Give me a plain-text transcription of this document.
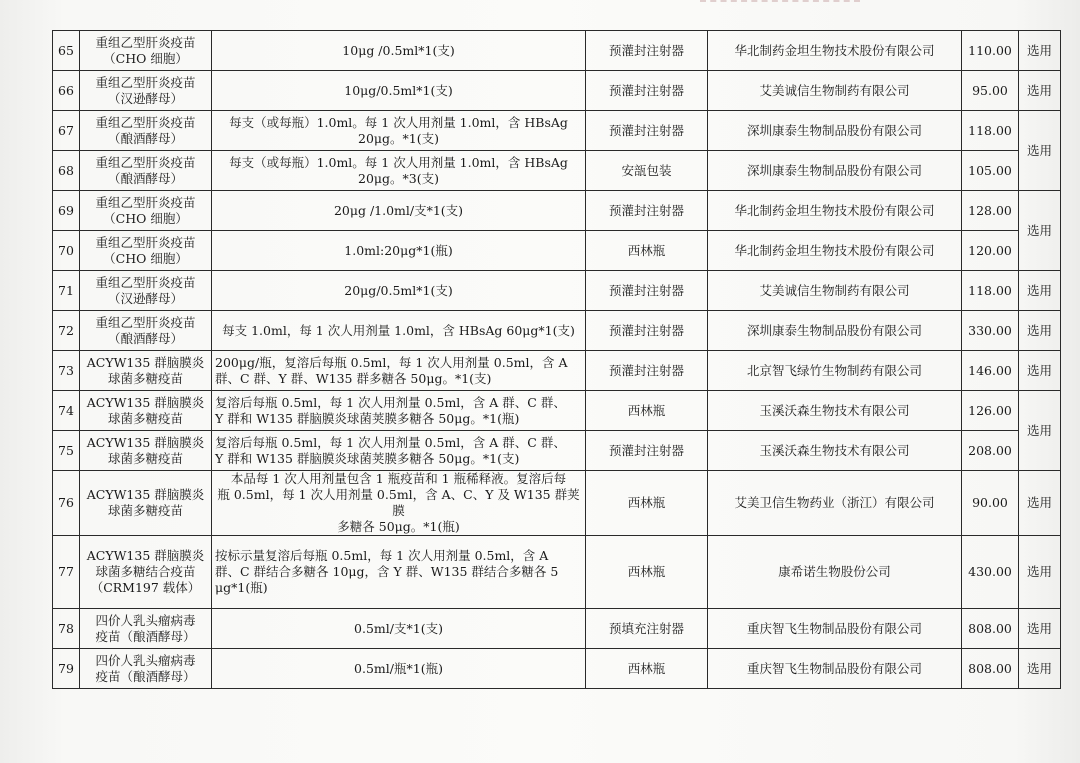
65	重组乙型肝炎疫苗
（CHO 细胞）	10μg /0.5ml*1(支)	预灌封注射器	华北制药金坦生物技术股份有限公司	110.00	选用
66	重组乙型肝炎疫苗
（汉逊酵母）	10μg/0.5ml*1(支)	预灌封注射器	艾美诚信生物制药有限公司	95.00	选用
67	重组乙型肝炎疫苗
（酿酒酵母）	每支（或每瓶）1.0ml。每 1 次人用剂量 1.0ml，含 HBsAg
20μg。*1(支)	预灌封注射器	深圳康泰生物制品股份有限公司	118.00	选用
68	重组乙型肝炎疫苗
（酿酒酵母）	每支（或每瓶）1.0ml。每 1 次人用剂量 1.0ml，含 HBsAg
20μg。*3(支)	安瓿包装	深圳康泰生物制品股份有限公司	105.00	
69	重组乙型肝炎疫苗
（CHO 细胞）	20μg /1.0ml/支*1(支)	预灌封注射器	华北制药金坦生物技术股份有限公司	128.00	选用
70	重组乙型肝炎疫苗
（CHO 细胞）	1.0ml:20μg*1(瓶)	西林瓶	华北制药金坦生物技术股份有限公司	120.00	
71	重组乙型肝炎疫苗
（汉逊酵母）	20μg/0.5ml*1(支)	预灌封注射器	艾美诚信生物制药有限公司	118.00	选用
72	重组乙型肝炎疫苗
（酿酒酵母）	每支 1.0ml，每 1 次人用剂量 1.0ml，含 HBsAg 60μg*1(支)	预灌封注射器	深圳康泰生物制品股份有限公司	330.00	选用
73	ACYW135 群脑膜炎
球菌多糖疫苗	200μg/瓶，复溶后每瓶 0.5ml，每 1 次人用剂量 0.5ml，含 A
群、C 群、Y 群、W135 群多糖各 50μg。*1(支)	预灌封注射器	北京智飞绿竹生物制药有限公司	146.00	选用
74	ACYW135 群脑膜炎
球菌多糖疫苗	复溶后每瓶 0.5ml，每 1 次人用剂量 0.5ml，含 A 群、C 群、
Y 群和 W135 群脑膜炎球菌荚膜多糖各 50μg。*1(瓶)	西林瓶	玉溪沃森生物技术有限公司	126.00	选用
75	ACYW135 群脑膜炎
球菌多糖疫苗	复溶后每瓶 0.5ml，每 1 次人用剂量 0.5ml，含 A 群、C 群、
Y 群和 W135 群脑膜炎球菌荚膜多糖各 50μg。*1(支)	预灌封注射器	玉溪沃森生物技术有限公司	208.00	
76	ACYW135 群脑膜炎
球菌多糖疫苗	本品每 1 次人用剂量包含 1 瓶疫苗和 1 瓶稀释液。复溶后每
瓶 0.5ml，每 1 次人用剂量 0.5ml，含 A、C、Y 及 W135 群荚膜
多糖各 50μg。*1(瓶)	西林瓶	艾美卫信生物药业（浙江）有限公司	90.00	选用
77	ACYW135 群脑膜炎
球菌多糖结合疫苗
（CRM197 载体）	按标示量复溶后每瓶 0.5ml，每 1 次人用剂量 0.5ml，含 A
群、C 群结合多糖各 10μg，含 Y 群、W135 群结合多糖各 5
μg*1(瓶)	西林瓶	康希诺生物股份公司	430.00	选用
78	四价人乳头瘤病毒
疫苗（酿酒酵母）	0.5ml/支*1(支)	预填充注射器	重庆智飞生物制品股份有限公司	808.00	选用
79	四价人乳头瘤病毒
疫苗（酿酒酵母）	0.5ml/瓶*1(瓶)	西林瓶	重庆智飞生物制品股份有限公司	808.00	选用
